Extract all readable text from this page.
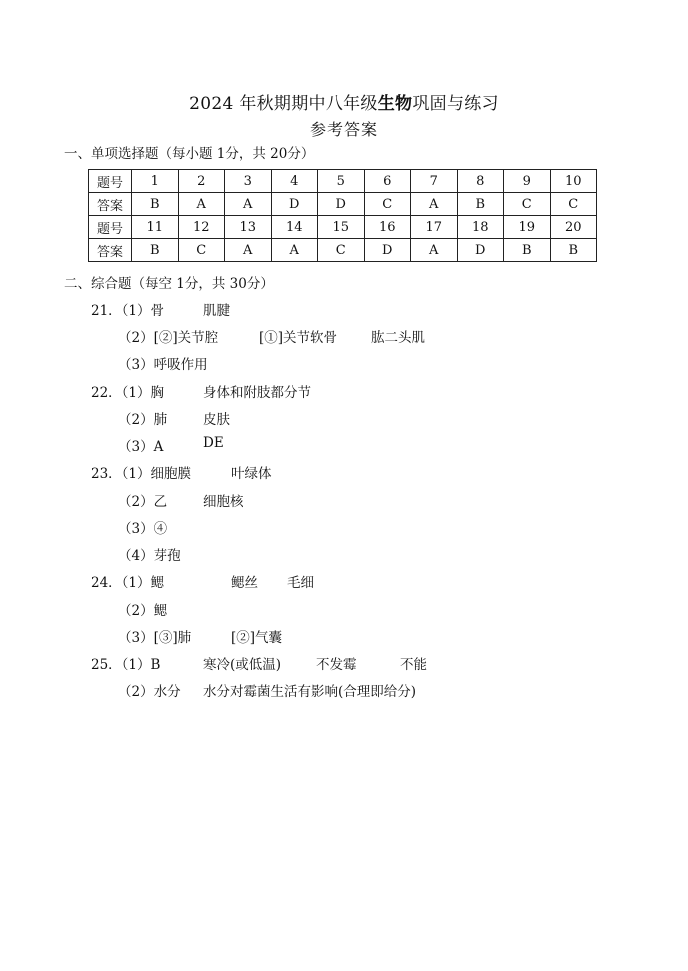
2024 年秋期期中八年级生物巩固与练习
参考答案
一、单项选择题（每小题 1分，共 20分）
题号	1	2	3	4	5	6	7	8	9	10
答案	B	A	A	D	D	C	A	B	C	C
题号	11	12	13	14	15	16	17	18	19	20
答案	B	C	A	A	C	D	A	D	B	B
二、综合题（每空 1分，共 30分）
21．（1）骨	肌腱
（2）[②]关节腔	[①]关节软骨	肱二头肌
（3）呼吸作用
22．（1）胸	身体和附肢都分节
（2）肺	皮肤
（3）A	DE
23．（1）细胞膜	叶绿体
（2）乙	细胞核
（3）④
（4）芽孢
24．（1）鳃	鳃丝 毛细
（2）鳃
（3）[③]肺	[②]气囊
25．（1）B	寒冷(或低温)	不发霉	不能
（2）水分 水分对霉菌生活有影响(合理即给分)
